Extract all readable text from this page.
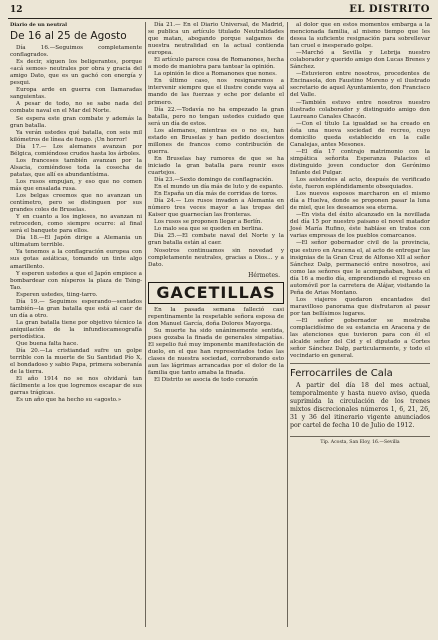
12	EL DISTRITO

Diario de un neutral

De 16 al 25 de Agosto

Día 16.—Seguimos completamente conflagrados.

Es decir, siguen los beligerantes, porque «acá semos» neutrales por obra y gracia del amigo Dato, que es un gachó con energía y pesqui.

Europa arde en guerra con llamaradas sanguientas.

A pesar de todo, no se sabe nada del combate naval en el Mar del Norte.

Se espera este gran combate y además la gran batalla.

Ya verán ustedes qué batalla, con seis mil kilómetros de línea de fuego. ¡Un horror!

Día 17.— Los alemanes avanzan por Bélgica, comiéndose crudos hasta los árboles.

Los franceses también avanzan por la Alsacia, comiéndose toda la cosecha de patatas, que allí es abundantísima.

Los rusos empujan, y eso que no comen más que ensalada rusa.

Los belgas creemos que no avanzan un centímetro, pero se distinguen por sus grandes coles de Bruselas.

Y en cuanto a los ingleses, no avanzan ni retroceden, como siempre ocurre: al final será el banquete para ellos.

Día 18.—El Japón dirige a Alemania un ultimatum terrible.

Ya tenemos a la conflagración europea con sus gotas asiáticas, tomando un tinte algo amarillento.

Y esperen ustedes a que el Japón empiece a bombardear con nísperos la plaza de Tsing-Tao.

Esperen ustedes, tiing-tarro.

Día 19.— Seguimos esperando—sentados también—la gran batalla que está al caer de un día a otro.

La gran batalla tiene por objetivo técnico la aniquilación de la infundiocameografía periodística.

Que buena falta hace.

Día 20.—La cristiandad sufre un golpe terrible con la muerte de Su Santidad Pío X, el bondadoso y sabio Papa, primera soberanía de la tierra.

El año 1914 no se nos olvidará tan fácilmente a los que logremos escapar de sus garras trágicas.

Es un año que ha hecho su «agosto.»

Día 21.— En el Diario Universal, de Madrid, se publica un artículo titulado Neutralidades que matan, abogando porque salgamos de nuestra neutralidad en la actual contienda europea.

El artículo parece cosa de Romanones, hecha a modo de maniobra para tantear la opinión.

La opinión le dice a Romanones que nones.

En último caso, nos resignaremos a intervenir siempre que el ilustre conde vaya al mando de las fuerzas y eche por delante el primero.

Día 22.—Todavía no ha empezado la gran batalla, pero no tengan ustedes cuidado que será un día de estos.

Los alemanes, mientras es o no es, han estado en Bruselas y han pedido doscientos millones de francos como contribución de guerra.

En Bruselas hay rumores de que se ha iniciado la gran batalla para reunir esos cuartejos.

Día 23.—Sexto domingo de conflagración.

En el mundo un día más de luto y de espanto.

En España un día más de corridas de toros.

Día 24.— Los rusos invaden a Alemania en número tres veces mayor a las tropas del Kaiser que guarnecían las fronteras.

Los rusos se proponen llegar a Berlín.

Lo malo sea que se queden en berlina.

Día 25.—El combate naval del Norte y la gran batalla están al caer.

Nosotros continuamos sin novedad y completamente neutrales, gracias a Dios... y a Dato.

Hérmetes.

GACETILLAS

En la pasada semana falleció casi repentinamente la respetable señora esposa de don Manuel García, doña Dolores Mayorga.

Su muerte ha sido unánimemente sentida, pues gozaba la finada de generales simpatías. El sepelio fué muy imponente manifestación de duelo, en el que han representados todas las clases de nuestra sociedad, corroborando esto aun las lágrimas arrancadas por el dolor de la familia que tanto amaba la finada.

El Distrito se asocia de todo corazón

al dolor que en estos momentos embarga a la mencionada familia, al mismo tiempo que les desea la suficiente resignación para sobrellevar tan cruel e inesperado golpe.

—Marchó a Sevilla y Lebrija nuestro colaborador y querido amigo don Lucas Brenes y Sánchez.

—Estuvieron entre nosotros, procedentes de Encinasola, don Faustino Moreno y el ilustrado secretario de aquel Ayuntamiento, don Francisco del Valle.

—También estuvo entre nosotros nuestro ilustrado colaborador y distinguido amigo don Laureano Canales Chacón.

—Con el título La igualdad se ha creado en ésta una nueva sociedad de recreo, cuyo domicilio queda establecido en la calle Canalejas, antes Mesones.

—El día 17 contrajo matrimonio con la simpática señorita Esperanza Palacios el distinguido joven conductor don Gerónimo Infante del Pulgar.

Los asistentes al acto, después de verificado éste, fueron espléndidamente obsequiados.

Los nuevos esposos marcharon en el mismo día a Huelva, donde se proponen pasar la luna de miel, que les deseamos sea eterna.

—En vista del éxito alcanzado en la novillada del día 15 por nuestro paisano el novel matador José María Rufino, éste habláse en tratos con varias empresas de los pueblos comarcanos.

—El señor gobernador civil de la provincia, que estuvo en Aracena el, al acto de entregar las insignias de la Gran Cruz de Alfonso XII al señor Sánchez Dalp, permaneció entre nosotros, así como las señores que le acompañaban, hasta el día 16 a medio día, emprendiendo el regreso en automóvil por la carretera de Alájar, visitando la Peña de Arias Montano.

Los viajeros quedaron encantados del maravilloso panorama que disfrutaron al pasar por tan bellísimos lugares.

—El señor gobernador se mostraba complacidísimo de su estancia en Aracena y de las atenciones que tuvieron para con él el alcalde señor del Cid y el diputado a Cortes señor Sánchez Dalp, particularmente, y todo el vecindario en general.

Ferrocarriles de Cala

A partir del día 18 del mes actual, temporalmente y hasta nuevo aviso, queda suprimida la circulación de los trenes mixtos discrecionales números 1, 6, 21, 26, 31 y 36 del itinerario vigente anunciados por cartel de fecha 10 de Julio de 1912.

Tip. Acosta, San Eloy, 16.—Sevilla
